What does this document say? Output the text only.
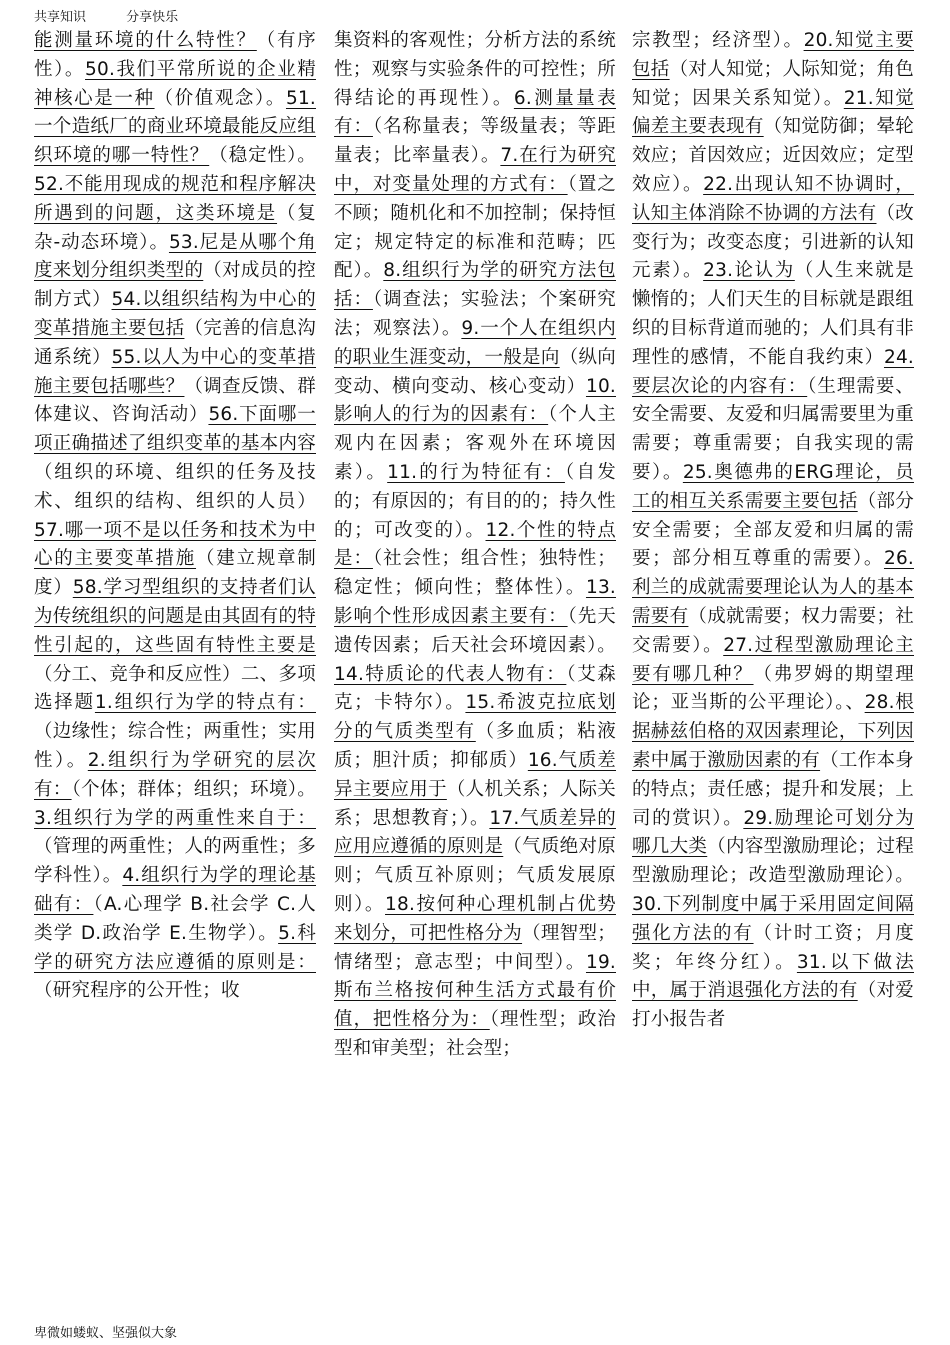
共享知识	分享快乐
能测量环境的什么特性？（有序性）。50.我们平常所说的企业精神核心是一种（价值观念）。51.一个造纸厂的商业环境最能反应组织环境的哪一特性？（稳定性）。52.不能用现成的规范和程序解决所遇到的问题，这类环境是（复杂-动态环境）。53.尼是从哪个角度来划分组织类型的（对成员的控制方式）54.以组织结构为中心的变革措施主要包括（完善的信息沟通系统）55.以人为中心的变革措施主要包括哪些？（调查反馈、群体建议、咨询活动）56.下面哪一项正确描述了组织变革的基本内容（组织的环境、组织的任务及技术、组织的结构、组织的人员）57.哪一项不是以任务和技术为中心的主要变革措施（建立规章制度）58.学习型组织的支持者们认为传统组织的问题是由其固有的特性引起的，这些固有特性主要是（分工、竞争和反应性）二、多项选择题1.组织行为学的特点有：（边缘性；综合性；两重性；实用性）。2.组织行为学研究的层次有：（个体；群体；组织；环境）。3.组织行为学的两重性来自于：（管理的两重性；人的两重性；多学科性）。4.组织行为学的理论基础有：（A.心理学 B.社会学 C.人类学 D.政治学 E.生物学）。5.科学的研究方法应遵循的原则是：（研究程序的公开性；收
集资料的客观性；分析方法的系统性；观察与实验条件的可控性；所得结论的再现性）。6.测量量表有：（名称量表；等级量表；等距量表；比率量表）。7.在行为研究中，对变量处理的方式有：（置之不顾；随机化和不加控制；保持恒定；规定特定的标准和范畴；匹配）。8.组织行为学的研究方法包括：（调查法；实验法；个案研究法；观察法）。9.一个人在组织内的职业生涯变动，一般是向（纵向变动、横向变动、核心变动）10.影响人的行为的因素有：（个人主观内在因素；客观外在环境因素）。11.的行为特征有：（自发的；有原因的；有目的的；持久性的；可改变的）。12.个性的特点是：（社会性；组合性；独特性；稳定性；倾向性；整体性）。13.影响个性形成因素主要有：（先天遗传因素；后天社会环境因素）。14.特质论的代表人物有：（艾森克；卡特尔）。15.希波克拉底划分的气质类型有（多血质；粘液质；胆汁质；抑郁质）16.气质差异主要应用于（人机关系；人际关系；思想教育；）。17.气质差异的应用应遵循的原则是（气质绝对原则；气质互补原则；气质发展原则）。18.按何种心理机制占优势来划分，可把性格分为（理智型；情绪型；意志型；中间型）。19.斯布兰格按何种生活方式最有价值，把性格分为：（理性型；政治型和审美型；社会型；
宗教型；经济型）。20.知觉主要包括（对人知觉；人际知觉；角色知觉；因果关系知觉）。21.知觉偏差主要表现有（知觉防御；晕轮效应；首因效应；近因效应；定型效应）。22.出现认知不协调时，认知主体消除不协调的方法有（改变行为；改变态度；引进新的认知元素）。23.论认为（人生来就是懒惰的；人们天生的目标就是跟组织的目标背道而驰的；人们具有非理性的感情，不能自我约束）24.要层次论的内容有：（生理需要、安全需要、友爱和归属需要里为重需要；尊重需要；自我实现的需要）。25.奥德弗的ERG理论，员工的相互关系需要主要包括（部分安全需要；全部友爱和归属的需要；部分相互尊重的需要）。26.利兰的成就需要理论认为人的基本需要有（成就需要；权力需要；社交需要）。27.过程型激励理论主要有哪几种？（弗罗姆的期望理论；亚当斯的公平理论）。、28.根据赫兹伯格的双因素理论，下列因素中属于激励因素的有（工作本身的特点；责任感；提升和发展；上司的赏识）。29.励理论可划分为哪几大类（内容型激励理论；过程型激励理论；改造型激励理论）。30.下列制度中属于采用固定间隔强化方法的有（计时工资；月度奖；年终分红）。31.以下做法中，属于消退强化方法的有（对爱打小报告者
卑微如蝼蚁、坚强似大象
